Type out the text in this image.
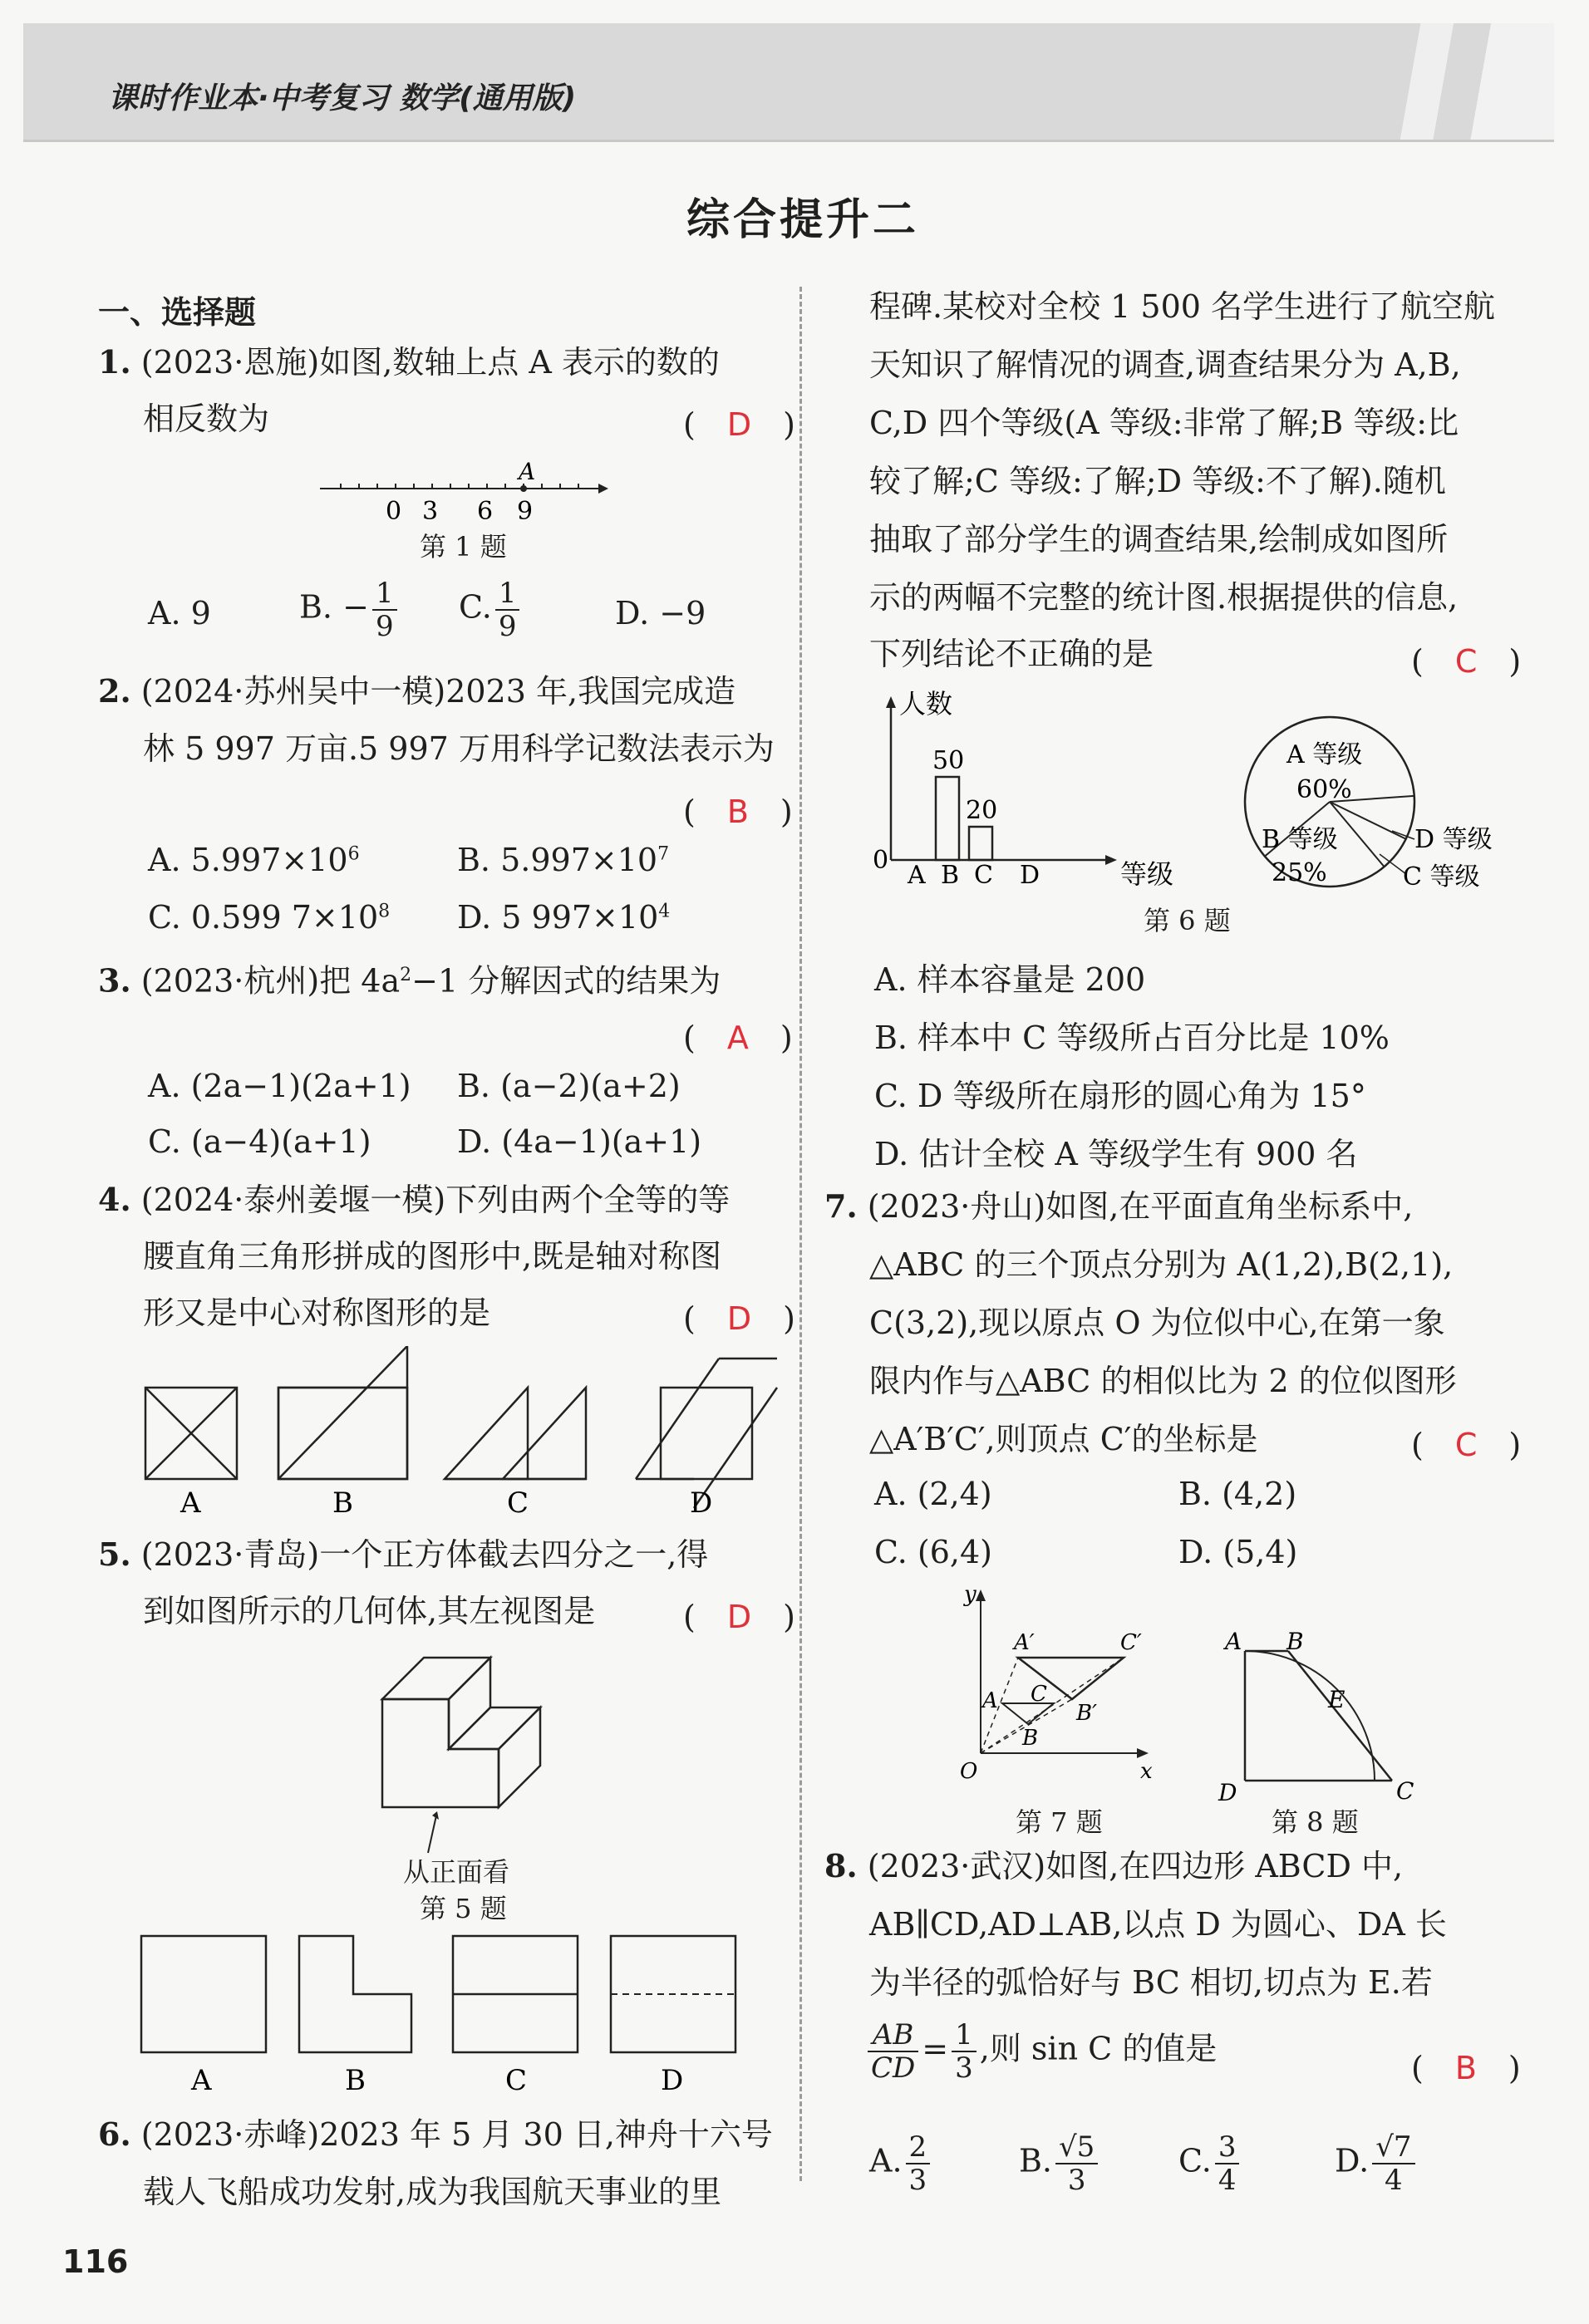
课时作业本·中考复习 数学(通用版)
综合提升二
一、选择题
1. (2023·恩施)如图,数轴上点 A 表示的数的
相反数为	(　D　)
A
0 3 6 9
第 1 题
A. 9	B. − $\frac{1}{9} C$. $\frac{1}{9}$	D. −9
2. (2024·苏州吴中一模)2023 年,我国完成造
林 5 997 万亩.5 997 万用科学记数法表示为
(　B　)
A. $5.997\times 10^6$	B. $5.997\times 10^7$
C. 0.599 $7\times 10^8$ D. 5 $997\times 10^4$
3. (2023·杭州)把 $4a^2-1$ 分解因式的结果为
(　A　)
A. (2a−1)(2a+1) B. (a−2)(a+2)
C. (a−4)(a+1)	D. (4a−1)(a+1)
4. (2024·泰州姜堰一模)下列由两个全等的等
腰直角三角形拼成的图形中,既是轴对称图
形又是中心对称图形的是	(　D　)
A	B	C	D
5. (2023·青岛)一个正方体截去四分之一,得
到如图所示的几何体,其左视图是	(　D　)
从正面看
第 5 题
A	B	C	D
6. (2023·赤峰)2023 年 5 月 30 日,神舟十六号
载人飞船成功发射,成为我国航天事业的里
116
程碑.某校对全校 1 500 名学生进行了航空航
天知识了解情况的调查,调查结果分为 A,B,
C,D 四个等级(A 等级:非常了解;B 等级:比
较了解;C 等级:了解;D 等级:不了解).随机
抽取了部分学生的调查结果,绘制成如图所
示的两幅不完整的统计图.根据提供的信息,
下列结论不正确的是	(　C　)
人数
0	等级
A B
50
C
20
D
第 6 题
A 等级
60%
B 等级
25%
D 等级
C 等级
A. 样本容量是 200
B. 样本中 C 等级所占百分比是 10%
C. D 等级所在扇形的圆心角为 15°
D. 估计全校 A 等级学生有 900 名
7. (2023·舟山)如图,在平面直角坐标系中,
△ABC 的三个顶点分别为 A(1,2),B(2,1),
C(3,2),现以原点 O 为位似中心,在第一象
限内作与△ABC 的相似比为 2 的位似图形
△A′B′C′,则顶点 C′的坐标是	(　C　)
A. (2,4)	B. (4,2)
C. (6,4)	D. (5,4)
y
x
O
A
B
C
A′
B′
C′
第 7 题
A B
C
D
E
第 8 题
8. (2023·武汉)如图,在四边形 ABCD 中,
AB∥CD,AD⊥AB,以点 D 为圆心、DA 长
为半径的弧恰好与 BC 相切,切点为 E.若
$\frac{AB}{CD} = \frac{1}{3}$ ,则 sin C 的值是
(　B　)
A. $\frac{2}{3}$	B. $\frac{√5}{3}$	C. $\frac{3}{4}$	D. $\frac{√7}{4}$
